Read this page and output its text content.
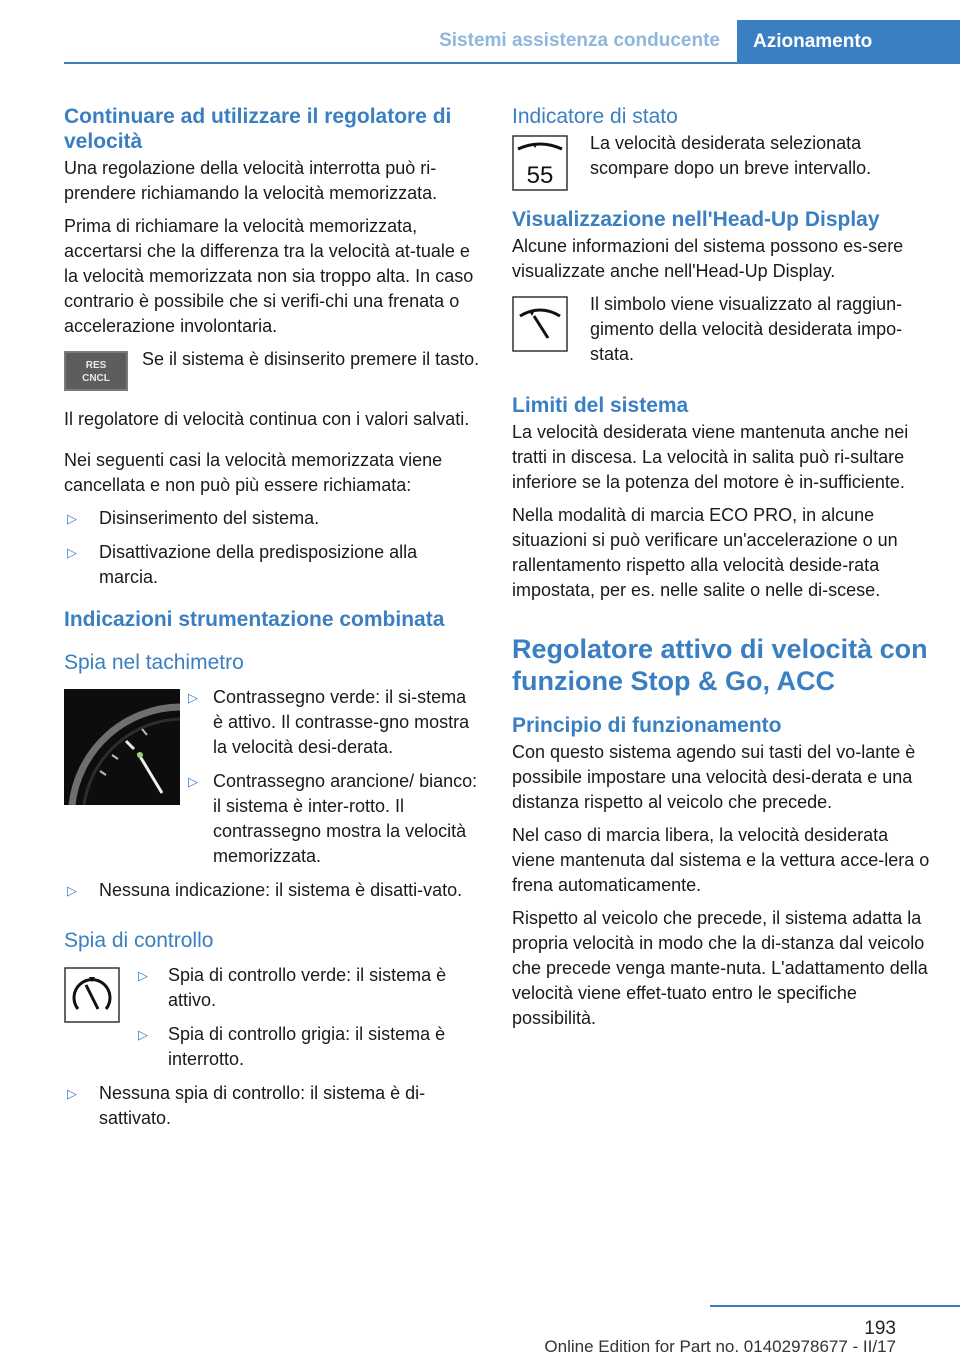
Sistemi assistenza conducente	Azionamento
Continuare ad utilizzare il regolatore di velocità

Una regolazione della velocità interrotta può ri-prendere richiamando la velocità memorizzata.

Prima di richiamare la velocità memorizzata, accertarsi che la differenza tra la velocità at-tuale e la velocità memorizzata non sia troppo alta. In caso contrario è possibile che si verifi-chi una frenata o accelerazione involontaria.

RES
CNCL

Se il sistema è disinserito premere il tasto.

Il regolatore di velocità continua con i valori salvati.

Nei seguenti casi la velocità memorizzata viene cancellata e non può più essere richiamata:

▷ Disinserimento del sistema.
▷ Disattivazione della predisposizione alla marcia.
Indicazioni strumentazione combinata
Spia nel tachimetro
▷ Contrassegno verde: il si-stema è attivo. Il contrasse-gno mostra la velocità desi-derata.
▷ Contrassegno arancione/ bianco: il sistema è inter-rotto. Il contrassegno mostra la velocità memorizzata.
▷ Nessuna indicazione: il sistema è disatti-vato.
Spia di controllo
▷ Spia di controllo verde: il sistema è attivo.
▷ Spia di controllo grigia: il sistema è interrotto.
▷ Nessuna spia di controllo: il sistema è di-sattivato.
Indicatore di stato
55

La velocità desiderata selezionata scompare dopo un breve intervallo.

Visualizzazione nell'Head-Up Display

Alcune informazioni del sistema possono es-sere visualizzate anche nell'Head-Up Display.

Il simbolo viene visualizzato al raggiun-gimento della velocità desiderata impo-stata.

Limiti del sistema

La velocità desiderata viene mantenuta anche nei tratti in discesa. La velocità in salita può ri-sultare inferiore se la potenza del motore è in-sufficiente.

Nella modalità di marcia ECO PRO, in alcune situazioni si può verificare un'accelerazione o un rallentamento rispetto alla velocità deside-rata impostata, per es. nelle salite o nelle di-scese.

Regolatore attivo di velocità con funzione Stop & Go, ACC
Principio di funzionamento

Con questo sistema agendo sui tasti del vo-lante è possibile impostare una velocità desi-derata e una distanza rispetto al veicolo che precede.

Nel caso di marcia libera, la velocità desiderata viene mantenuta dal sistema e la vettura acce-lera o frena automaticamente.

Rispetto al veicolo che precede, il sistema adatta la propria velocità in modo che la di-stanza dal veicolo che precede venga mante-nuta. L'adattamento della velocità viene effet-tuato entro le specifiche possibilità.

193
Online Edition for Part no. 01402978677 - II/17
